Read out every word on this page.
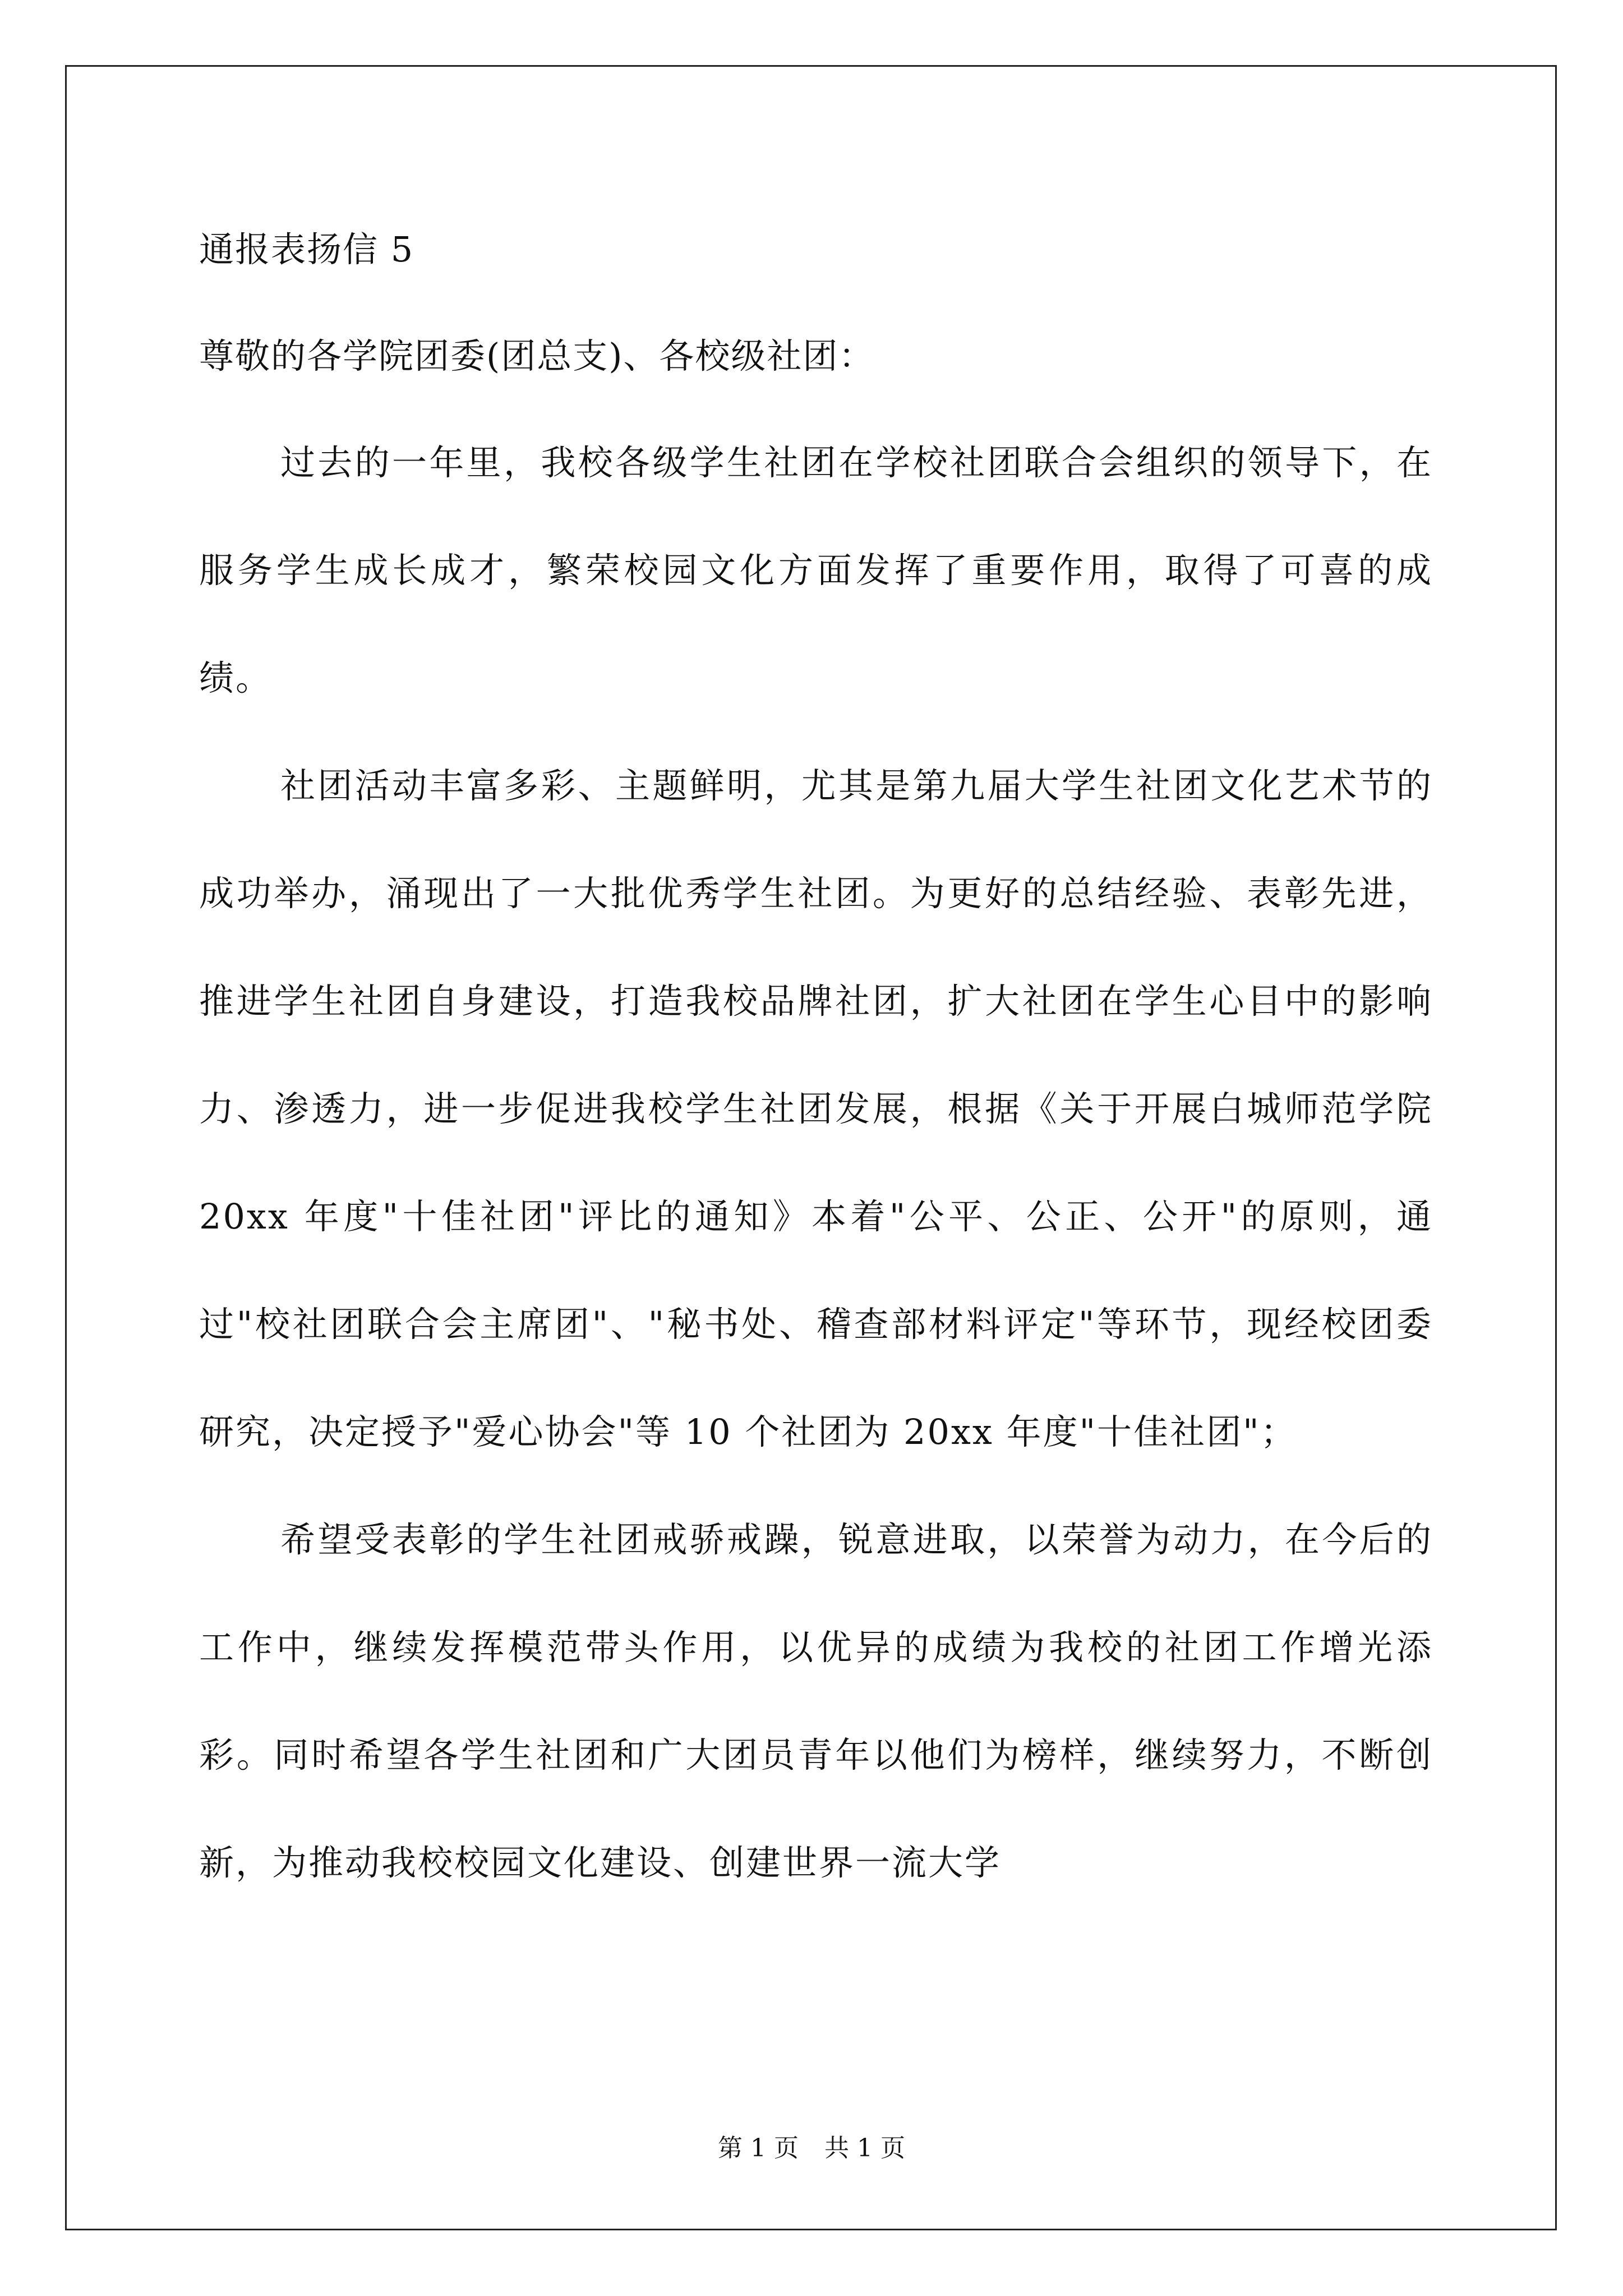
通报表扬信 5
尊敬的各学院团委(团总支)、各校级社团：

过去的一年里，我校各级学生社团在学校社团联合会组织的领导下，在服务学生成长成才，繁荣校园文化方面发挥了重要作用，取得了可喜的成绩。

社团活动丰富多彩、主题鲜明，尤其是第九届大学生社团文化艺术节的成功举办，涌现出了一大批优秀学生社团。为更好的总结经验、表彰先进，推进学生社团自身建设，打造我校品牌社团，扩大社团在学生心目中的影响力、渗透力，进一步促进我校学生社团发展，根据《关于开展白城师范学院 20xx 年度"十佳社团"评比的通知》本着"公平、公正、公开"的原则，通过"校社团联合会主席团"、"秘书处、稽查部材料评定"等环节，现经校团委研究，决定授予"爱心协会"等 10 个社团为 20xx 年度"十佳社团"；

希望受表彰的学生社团戒骄戒躁，锐意进取，以荣誉为动力，在今后的工作中，继续发挥模范带头作用，以优异的成绩为我校的社团工作增光添彩。同时希望各学生社团和广大团员青年以他们为榜样，继续努力，不断创新，为推动我校校园文化建设、创建世界一流大学

第 1 页 共 1 页
